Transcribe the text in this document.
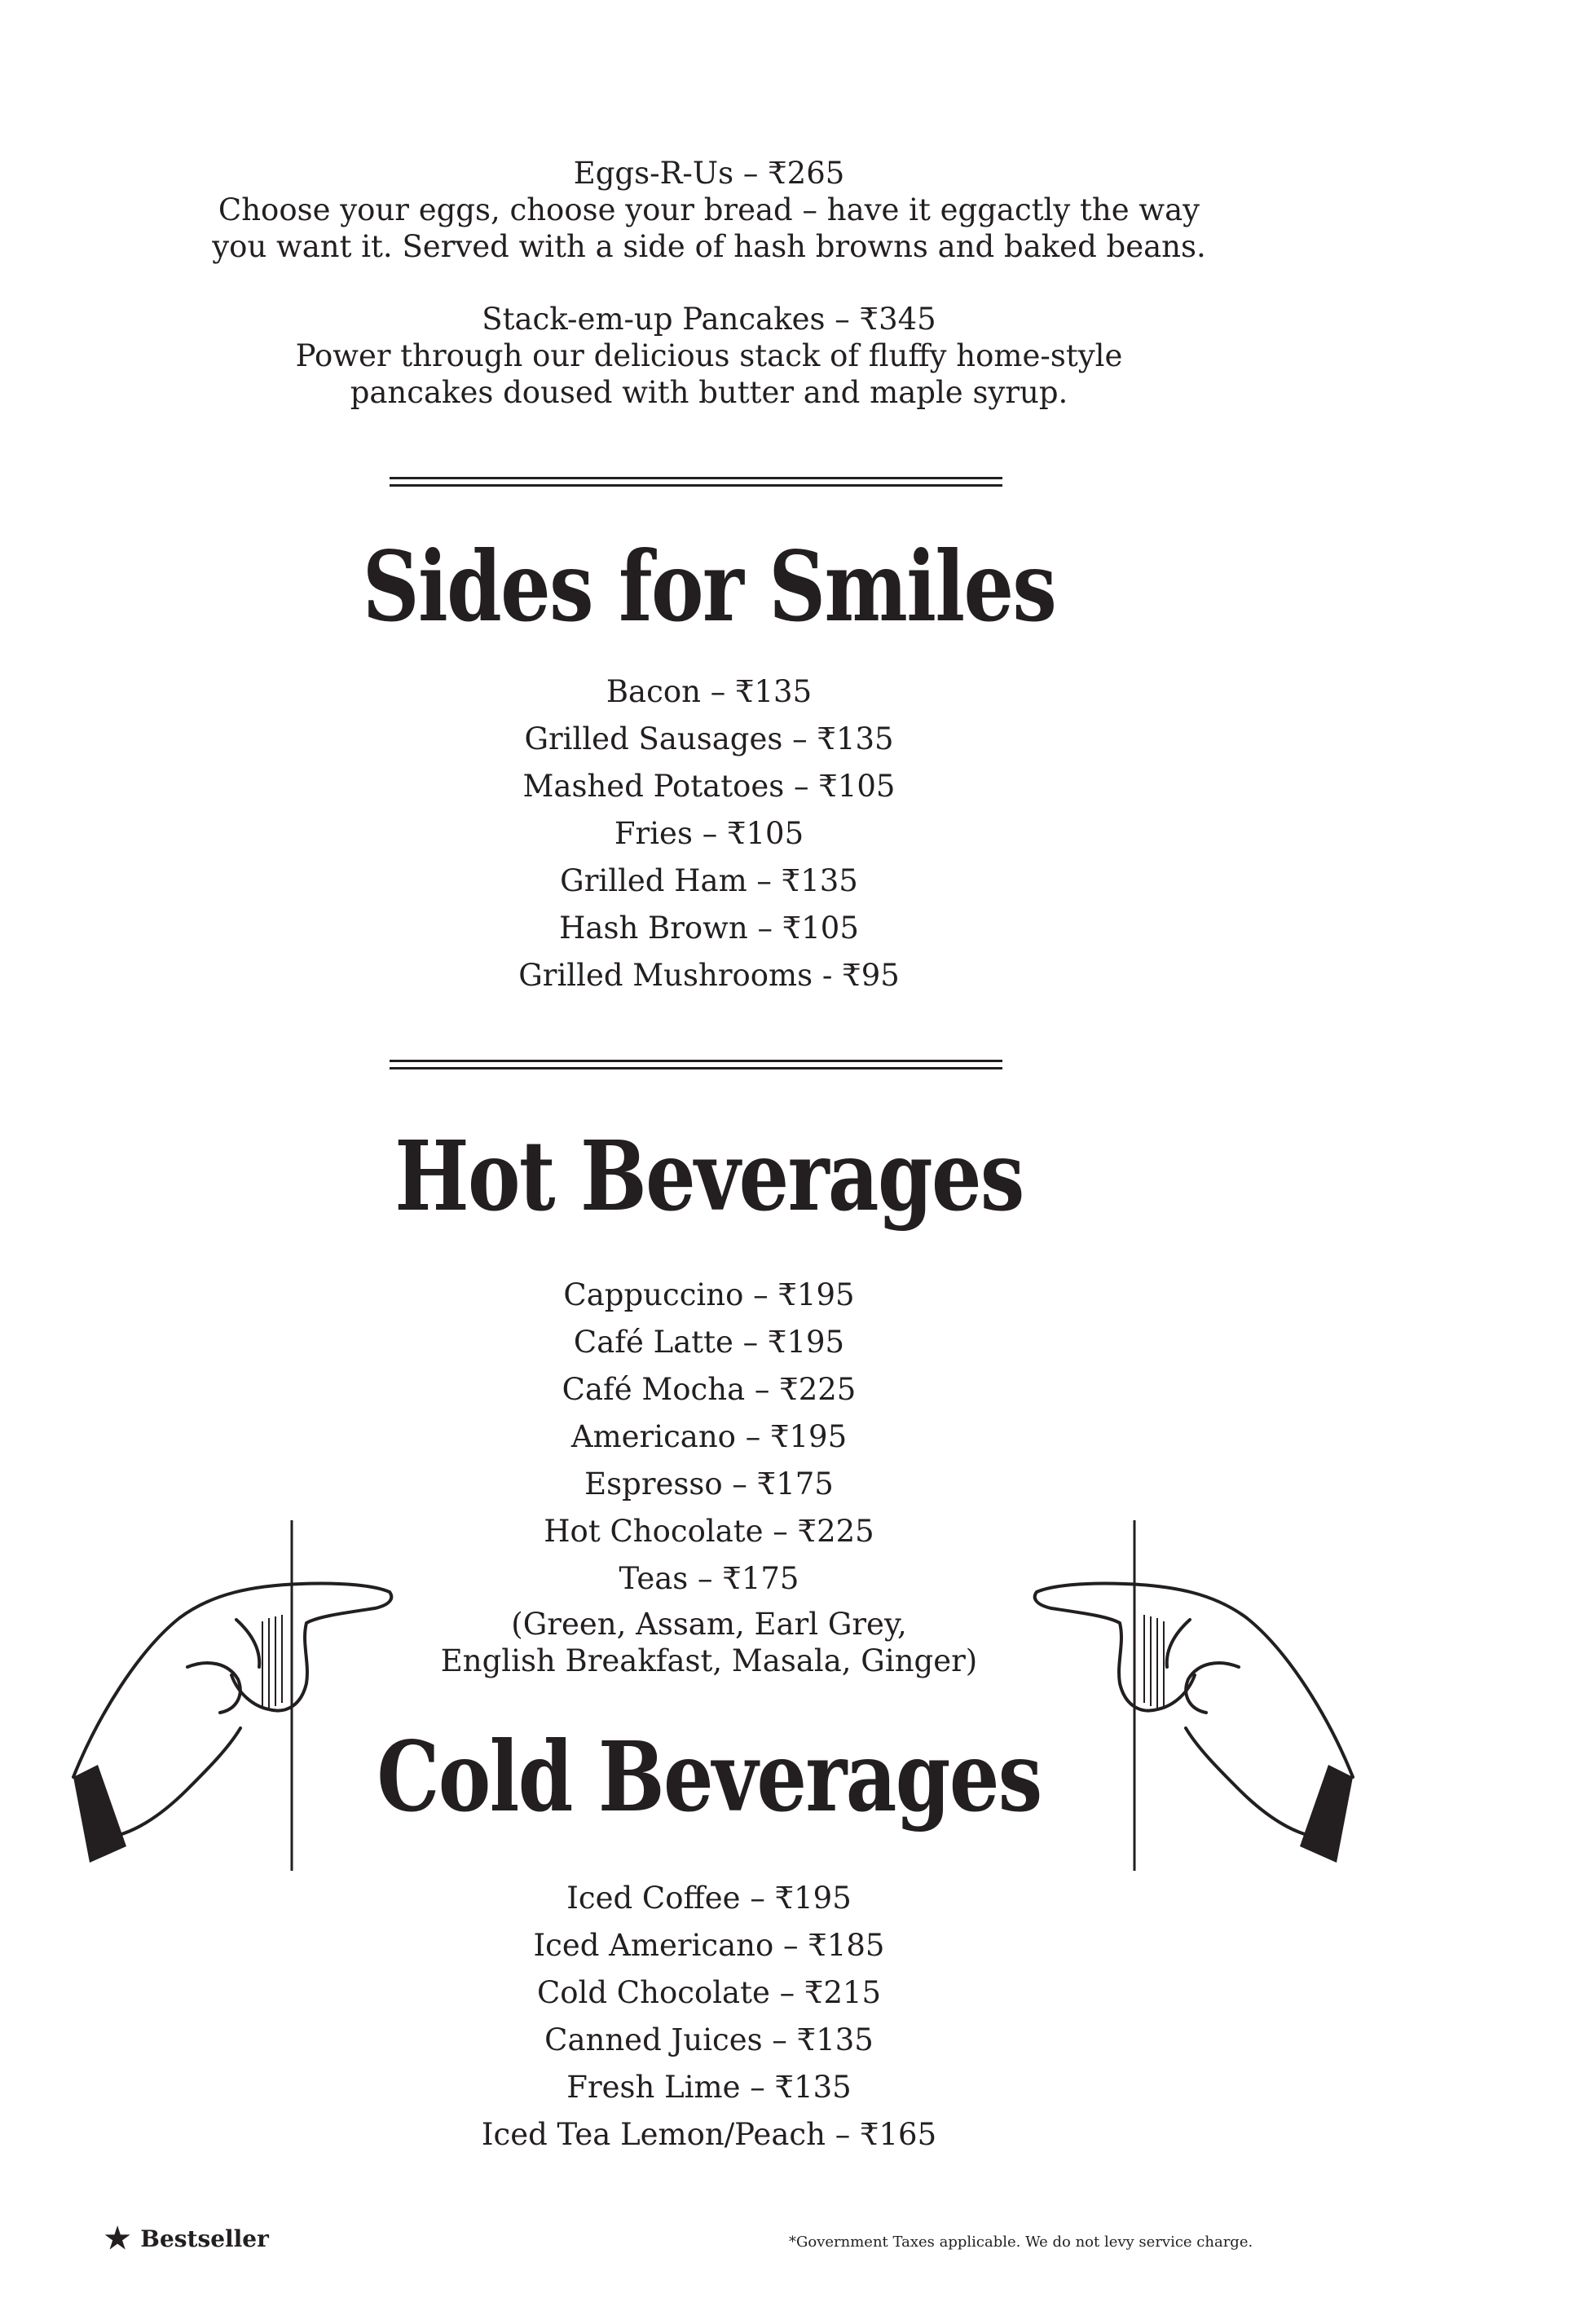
Eggs-R-Us – ₹265

Choose your eggs, choose your bread – have it eggactly the way

you want it. Served with a side of hash browns and baked beans.

Stack-em-up Pancakes – ₹345

Power through our delicious stack of fluffy home-style

pancakes doused with butter and maple syrup.

Sides for Smiles
Bacon – ₹135
Grilled Sausages – ₹135
Mashed Potatoes – ₹105
Fries – ₹105
Grilled Ham – ₹135
Hash Brown – ₹105
Grilled Mushrooms - ₹95
Hot Beverages
Cappuccino – ₹195
Café Latte – ₹195
Café Mocha – ₹225
Americano – ₹195
Espresso – ₹175
Hot Chocolate – ₹225
Teas – ₹175

(Green, Assam, Earl Grey,

English Breakfast, Masala, Ginger)

Cold Beverages
Iced Coffee – ₹195
Iced Americano – ₹185
Cold Chocolate – ₹215
Canned Juices – ₹135
Fresh Lime – ₹135
Iced Tea Lemon/Peach – ₹165
★ Bestseller	*Government Taxes applicable. We do not levy service charge.
